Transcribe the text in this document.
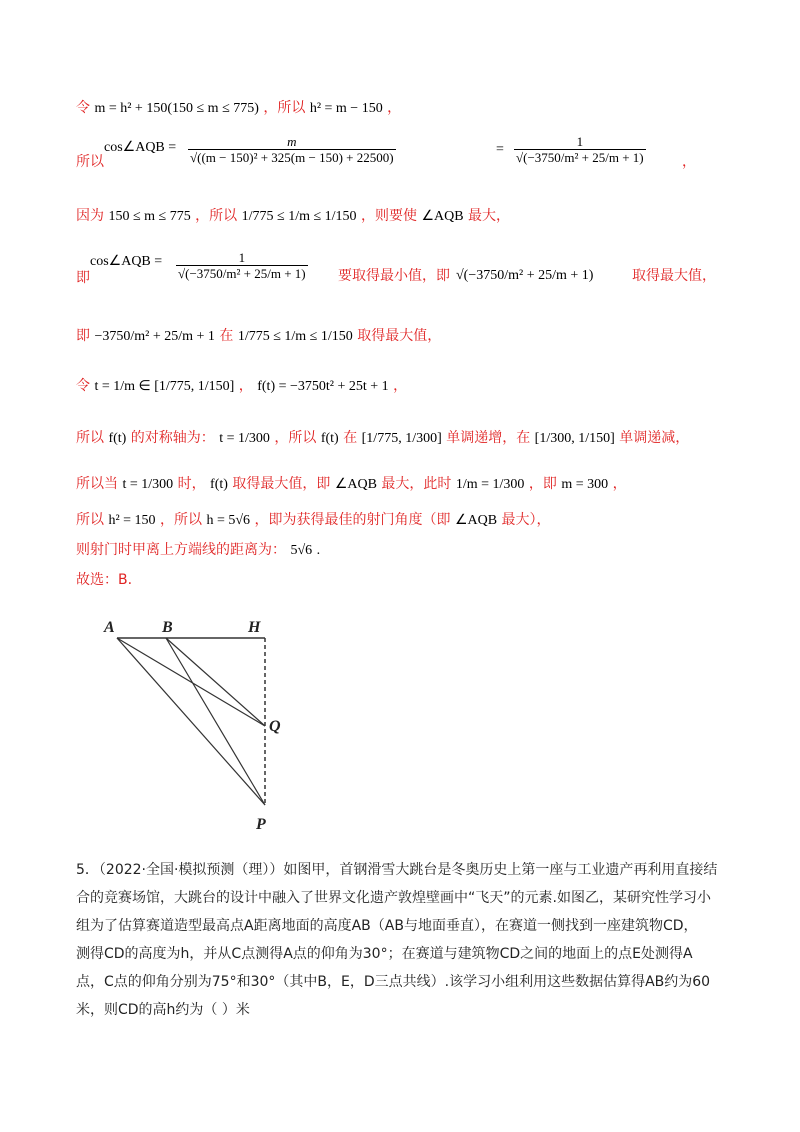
令 m = h² + 150(150 ≤ m ≤ 775) ，所以 h² = m − 150 ，
所以
cos∠AQB = $\frac{m}{\text{√((m − 150)² + 325(m − 150) + 22500)}}$	= $\frac{1}{\text{√(−3750/m² + 25/m + 1)}}$	，
因为 150 ≤ m ≤ 775 ，所以 1/775 ≤ 1/m ≤ 1/150 ，则要使 ∠AQB 最大，
即
cos∠AQB = $\frac{1}{\text{√(−3750/m² + 25/m + 1)}}$ 要取得最小值，即 √(−3750/m² + 25/m + 1)	取得最大值，
即 −3750/m² + 25/m + 1 在 1/775 ≤ 1/m ≤ 1/150 取得最大值，
令 t = 1/m ∈ [1/775, 1/150] ， f(t) = −3750t² + 25t + 1 ，
所以 f(t) 的对称轴为： t = 1/300 ，所以 f(t) 在 [1/775, 1/300] 单调递增，在 [1/300, 1/150] 单调递减，
所以当 t = 1/300 时， f(t) 取得最大值，即 ∠AQB 最大，此时 1/m = 1/300 ，即 m = 300 ，
所以 h² = 150 ，所以 h = 5√6 ，即为获得最佳的射门角度（即 ∠AQB 最大），
则射门时甲离上方端线的距离为： 5√6 .
故选：B.
A	B	H
Q
P

5．（2022·全国·模拟预测（理））如图甲，首钢滑雪大跳台是冬奥历史上第一座与工业遗产再利用直接结

合的竞赛场馆，大跳台的设计中融入了世界文化遗产敦煌壁画中“飞天”的元素.如图乙，某研究性学习小

组为了估算赛道造型最高点A距离地面的高度AB（AB与地面垂直），在赛道一侧找到一座建筑物CD，

测得CD的高度为h，并从C点测得A点的仰角为30°；在赛道与建筑物CD之间的地面上的点E处测得A

点，C点的仰角分别为75°和30°（其中B，E，D三点共线）.该学习小组利用这些数据估算得AB约为60

米，则CD的高h约为（ ）米
